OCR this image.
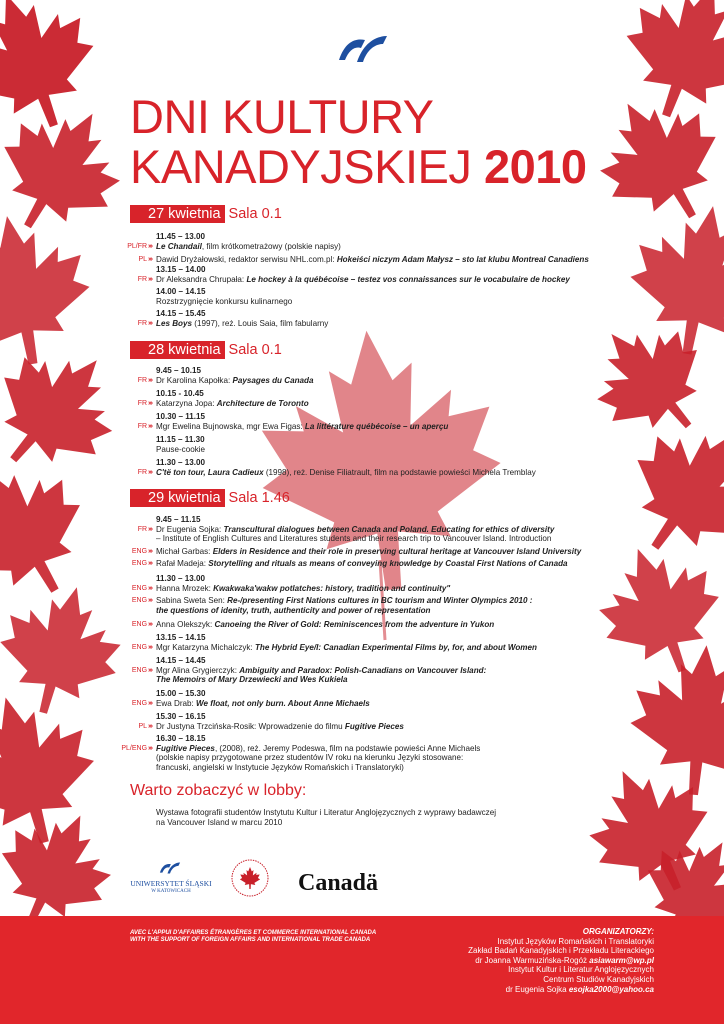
DNI KULTURY
KANADYJSKIEJ 2010
27 kwietnia Sala 0.1
28 kwietnia Sala 0.1
29 kwietnia Sala 1.46
11.45 – 13.00
PL/FR ›››	Le Chandail, film krótkometrażowy (polskie napisy)
PL ›››	Dawid Dryżałowski, redaktor serwisu NHL.com.pl: Hokeiści niczym Adam Małysz – sto lat klubu Montreal Canadiens
13.15 – 14.00
FR ›››	Dr Aleksandra Chrupała: Le hockey à la québécoise – testez vos connaissances sur le vocabulaire de hockey
14.00 – 14.15
Rozstrzygnięcie konkursu kulinarnego
14.15 – 15.45
FR ›››	Les Boys (1997), reż. Louis Saia, film fabularny
9.45 – 10.15
FR ›››	Dr Karolina Kapołka: Paysages du Canada
10.15 - 10.45
FR ›››	Katarzyna Jopa: Architecture de Toronto
10.30 – 11.15
FR ›››	Mgr Ewelina Bujnowska, mgr Ewa Figas: La littérature québécoise – un aperçu
11.15 – 11.30
Pause-cookie
11.30 – 13.00
FR ›››	C'të ton tour, Laura Cadieux (1998), reż. Denise Filiatrault, film na podstawie powieści Michela Tremblay
9.45 – 11.15
FR ›››	Dr Eugenia Sojka: Transcultural dialogues between Canada and Poland. Educating for ethics of diversity
– Institute of English Cultures and Literatures students and their research trip to Vancouver Island. Introduction
ENG ›››	Michał Garbas: Elders in Residence and their role in preserving cultural heritage at Vancouver Island University
ENG ›››	Rafał Madeja: Storytelling and rituals as means of conveying knowledge by Coastal First Nations of Canada
11.30 – 13.00
ENG ›››	Hanna Mrozek: Kwakwaka'wakw potlatches: history, tradition and continuity"
ENG ›››	Sabina Sweta Sen: Re-/presenting First Nations cultures in BC tourism and Winter Olympics 2010 :
the questions of idenity, truth, authenticity and power of representation
ENG ›››	Anna Olekszyk: Canoeing the River of Gold: Reminiscences from the adventure in Yukon
13.15 – 14.15
ENG ›››	Mgr Katarzyna Michalczyk: The Hybrid Eye/I: Canadian Experimental Films by, for, and about Women
14.15 – 14.45
ENG ›››	Mgr Alina Grygierczyk: Ambiguity and Paradox: Polish-Canadians on Vancouver Island:
The Memoirs of Mary Drzewiecki and Wes Kukiela
15.00 – 15.30
ENG ›››	Ewa Drab: We float, not only burn. About Anne Michaels
15.30 – 16.15
PL ›››	Dr Justyna Trzcińska-Rosik: Wprowadzenie do filmu Fugitive Pieces
16.30 – 18.15
PL/ENG ›››	Fugitive Pieces, (2008), reż. Jeremy Podeswa, film na podstawie powieści Anne Michaels
(polskie napisy przygotowane przez studentów IV roku na kierunku Języki stosowane:
francuski, angielski w Instytucie Języków Romańskich i Translatoryki)
Warto zobaczyć w lobby:
Wystawa fotografii studentów Instytutu Kultur i Literatur Anglojęzycznych z wyprawy badawczej
na Vancouver Island w marcu 2010
UNIWERSYTET ŚLĄSKI
W KATOWICACH	Canadä
AVEC L'APPUI D'AFFAIRES ÉTRANGÈRES ET COMMERCE INTERNATIONAL CANADA
WITH THE SUPPORT OF FOREIGN AFFAIRS AND INTERNATIONAL TRADE CANADA
ORGANIZATORZY:
Instytut Języków Romańskich i Translatoryki
Zakład Badań Kanadyjskich i Przekładu Literackiego
dr Joanna Warmuzińska-Rogóż asiawarm@wp.pl
Instytut Kultur i Literatur Anglojęzycznych
Centrum Studiów Kanadyjskich
dr Eugenia Sojka esojka2000@yahoo.ca
